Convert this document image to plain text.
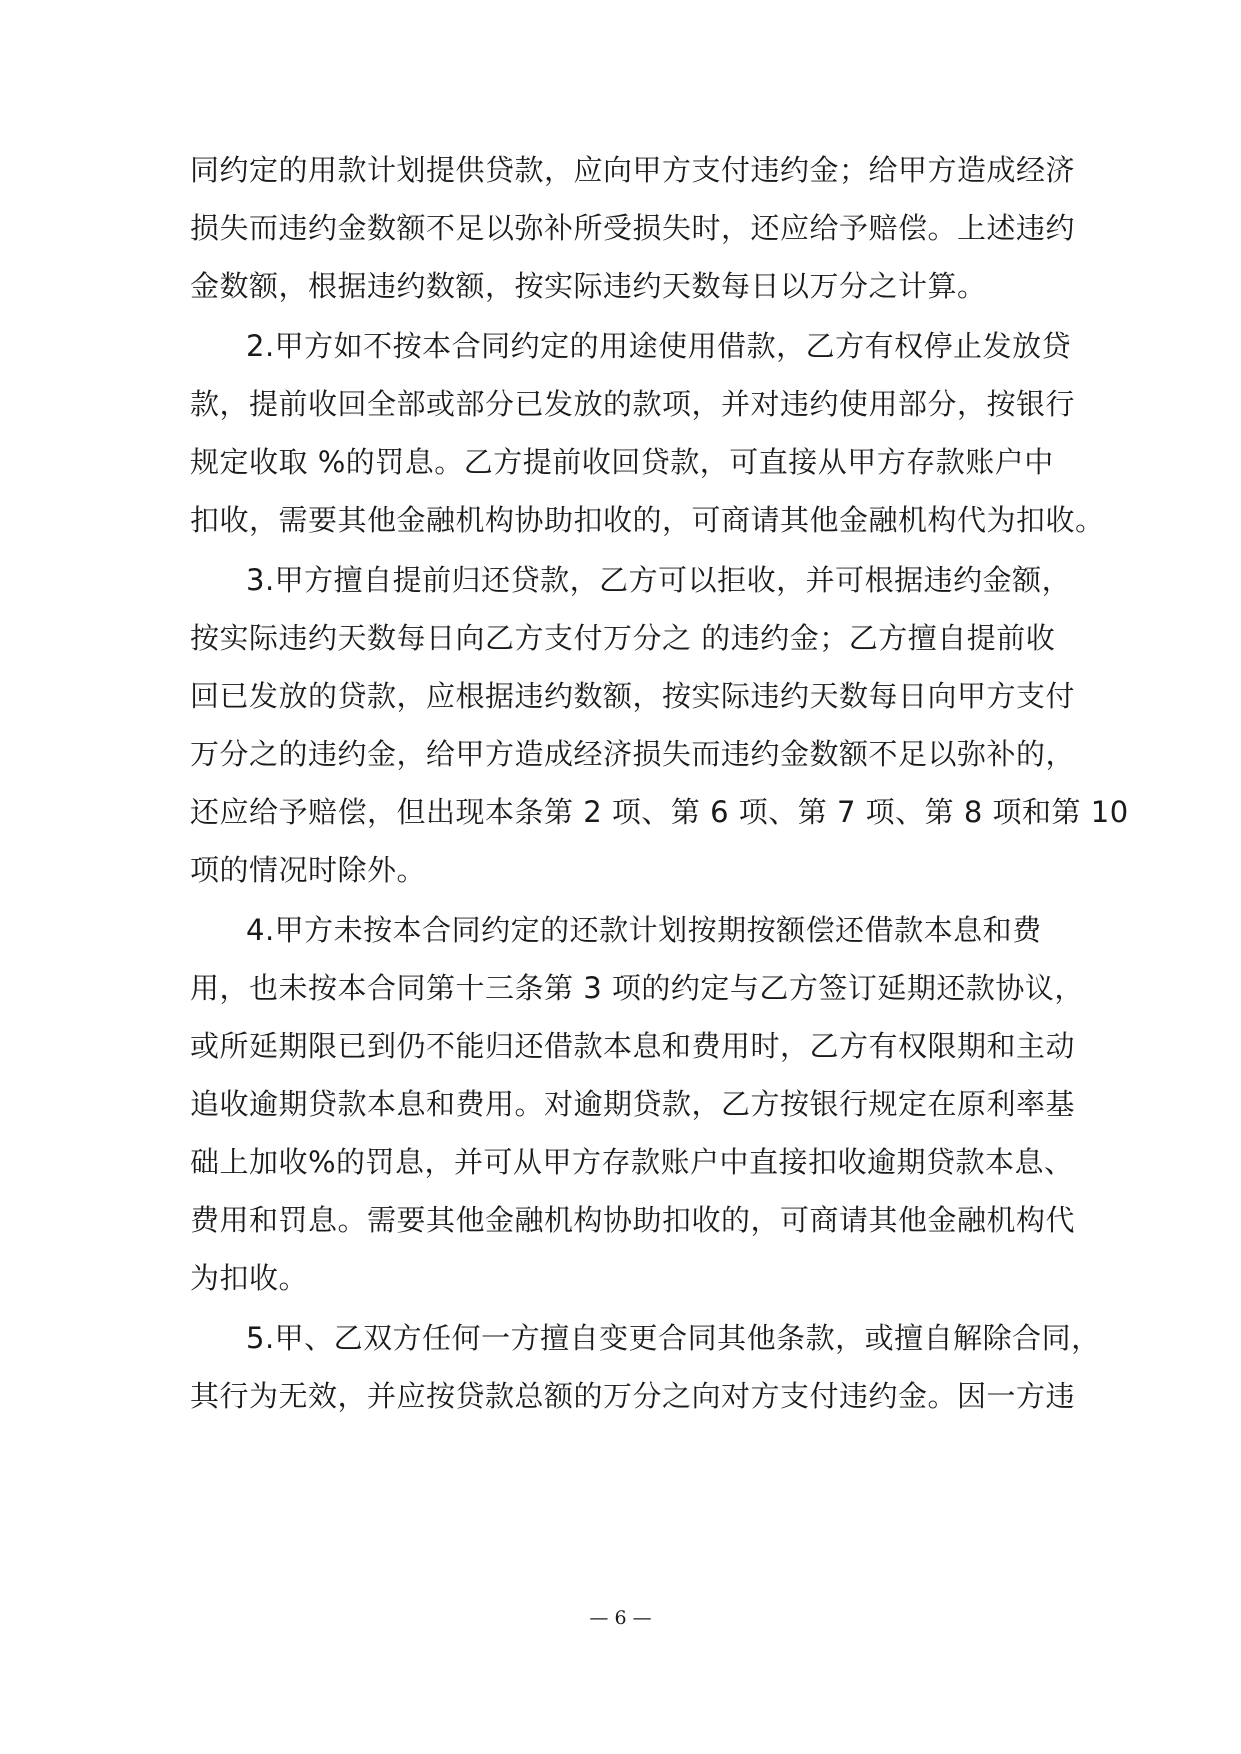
同约定的用款计划提供贷款，应向甲方支付违约金；给甲方造成经济
损失而违约金数额不足以弥补所受损失时，还应给予赔偿。上述违约
金数额，根据违约数额，按实际违约天数每日以万分之计算。
2.甲方如不按本合同约定的用途使用借款，乙方有权停止发放贷
款，提前收回全部或部分已发放的款项，并对违约使用部分，按银行
规定收取 %的罚息。乙方提前收回贷款，可直接从甲方存款账户中
扣收，需要其他金融机构协助扣收的，可商请其他金融机构代为扣收。
3.甲方擅自提前归还贷款，乙方可以拒收，并可根据违约金额，
按实际违约天数每日向乙方支付万分之 的违约金；乙方擅自提前收
回已发放的贷款，应根据违约数额，按实际违约天数每日向甲方支付
万分之的违约金，给甲方造成经济损失而违约金数额不足以弥补的，
还应给予赔偿，但出现本条第 2 项、第 6 项、第 7 项、第 8 项和第 10
项的情况时除外。
4.甲方未按本合同约定的还款计划按期按额偿还借款本息和费
用，也未按本合同第十三条第 3 项的约定与乙方签订延期还款协议，
或所延期限已到仍不能归还借款本息和费用时，乙方有权限期和主动
追收逾期贷款本息和费用。对逾期贷款，乙方按银行规定在原利率基
础上加收%的罚息，并可从甲方存款账户中直接扣收逾期贷款本息、
费用和罚息。需要其他金融机构协助扣收的，可商请其他金融机构代
为扣收。
5.甲、乙双方任何一方擅自变更合同其他条款，或擅自解除合同，
其行为无效，并应按贷款总额的万分之向对方支付违约金。因一方违
— 6 —
